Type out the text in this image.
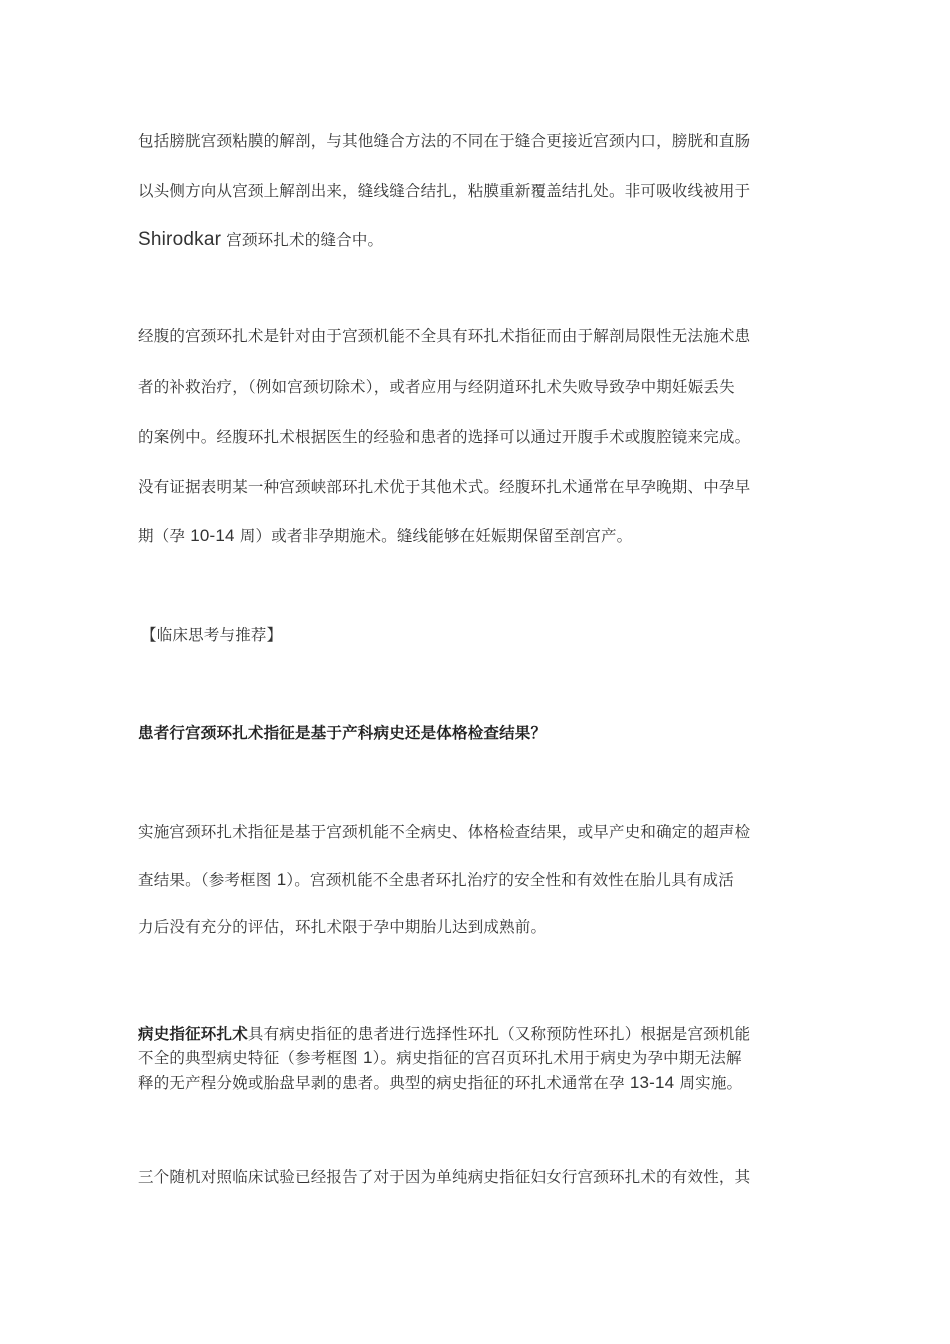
包括膀胱宫颈粘膜的解剖，与其他缝合方法的不同在于缝合更接近宫颈内口，膀胱和直肠
以头侧方向从宫颈上解剖出来，缝线缝合结扎，粘膜重新覆盖结扎处。非可吸收线被用于
Shirodkar 宫颈环扎术的缝合中。
经腹的宫颈环扎术是针对由于宫颈机能不全具有环扎术指征而由于解剖局限性无法施术患
者的补救治疗，（例如宫颈切除术），或者应用与经阴道环扎术失败导致孕中期妊娠丢失
的案例中。经腹环扎术根据医生的经验和患者的选择可以通过开腹手术或腹腔镜来完成。
没有证据表明某一种宫颈峡部环扎术优于其他术式。经腹环扎术通常在早孕晚期、中孕早
期（孕 10-14 周）或者非孕期施术。缝线能够在妊娠期保留至剖宫产。
【临床思考与推荐】
患者行宫颈环扎术指征是基于产科病史还是体格检查结果？
实施宫颈环扎术指征是基于宫颈机能不全病史、体格检查结果，或早产史和确定的超声检
查结果。（参考框图 1）。宫颈机能不全患者环扎治疗的安全性和有效性在胎儿具有成活
力后没有充分的评估，环扎术限于孕中期胎儿达到成熟前。
病史指征环扎术具有病史指征的患者进行选择性环扎（又称预防性环扎）根据是宫颈机能
不全的典型病史特征（参考框图 1）。病史指征的宫召页环扎术用于病史为孕中期无法解
释的无产程分娩或胎盘早剥的患者。典型的病史指征的环扎术通常在孕 13-14 周实施。
三个随机对照临床试验已经报告了对于因为单纯病史指征妇女行宫颈环扎术的有效性，其
